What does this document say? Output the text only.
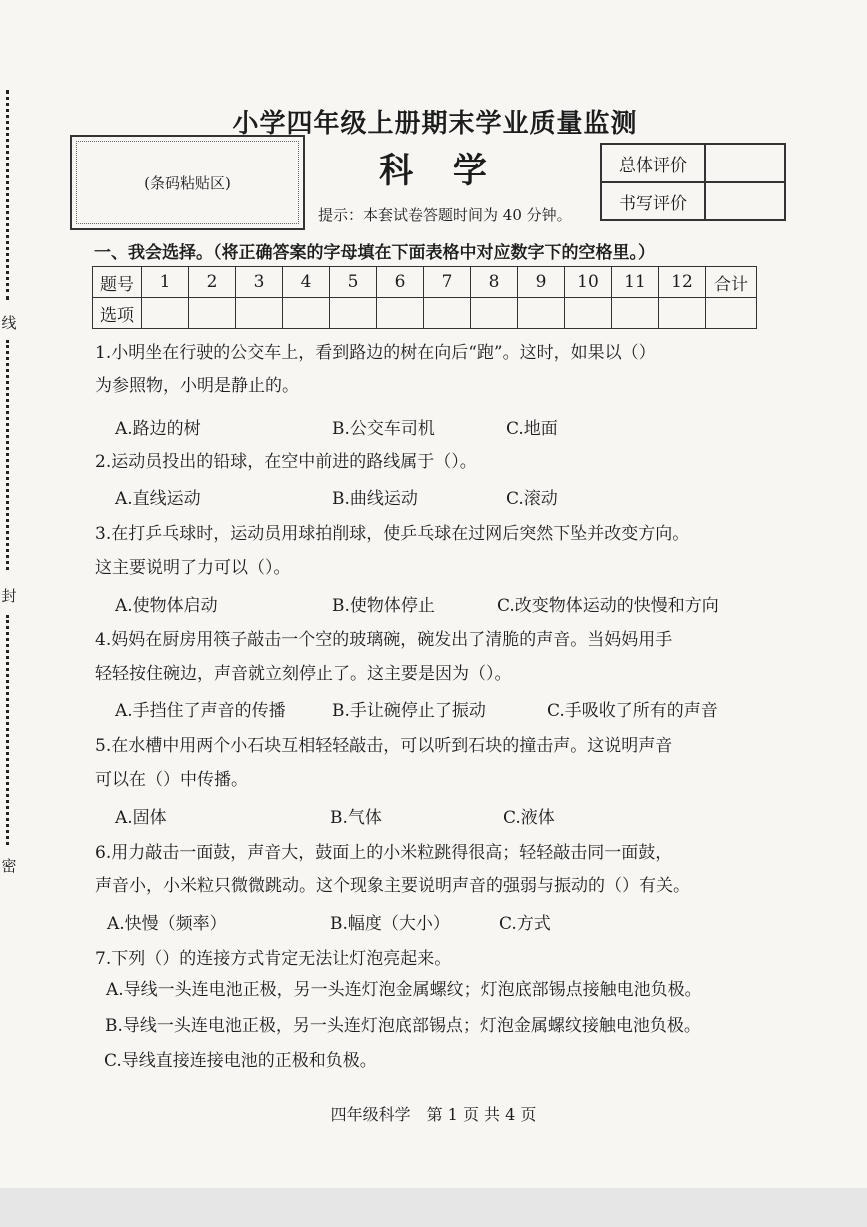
线
封
密
(条码粘贴区)
小学四年级上册期末学业质量监测
科 学
提示：本套试卷答题时间为 40 分钟。
总体评价	
书写评价	
一、我会选择。（将正确答案的字母填在下面表格中对应数字下的空格里。）
题号	1	2	3	4	5	6	7	8	9	10	11	12	合计
选项													
1.小明坐在行驶的公交车上，看到路边的树在向后“跑”。这时，如果以（）
为参照物，小明是静止的。
A.路边的树	B.公交车司机	C.地面
2.运动员投出的铅球，在空中前进的路线属于（）。
A.直线运动	B.曲线运动	C.滚动
3.在打乒乓球时，运动员用球拍削球，使乒乓球在过网后突然下坠并改变方向。
这主要说明了力可以（）。
A.使物体启动	B.使物体停止	C.改变物体运动的快慢和方向
4.妈妈在厨房用筷子敲击一个空的玻璃碗，碗发出了清脆的声音。当妈妈用手
轻轻按住碗边，声音就立刻停止了。这主要是因为（）。
A.手挡住了声音的传播	B.手让碗停止了振动	C.手吸收了所有的声音
5.在水槽中用两个小石块互相轻轻敲击，可以听到石块的撞击声。这说明声音
可以在（）中传播。
A.固体	B.气体	C.液体
6.用力敲击一面鼓，声音大，鼓面上的小米粒跳得很高；轻轻敲击同一面鼓，
声音小，小米粒只微微跳动。这个现象主要说明声音的强弱与振动的（）有关。
A.快慢（频率）	B.幅度（大小）	C.方式
7.下列（）的连接方式肯定无法让灯泡亮起来。
A.导线一头连电池正极，另一头连灯泡金属螺纹；灯泡底部锡点接触电池负极。
B.导线一头连电池正极，另一头连灯泡底部锡点；灯泡金属螺纹接触电池负极。
C.导线直接连接电池的正极和负极。
四年级科学　第 1 页 共 4 页
